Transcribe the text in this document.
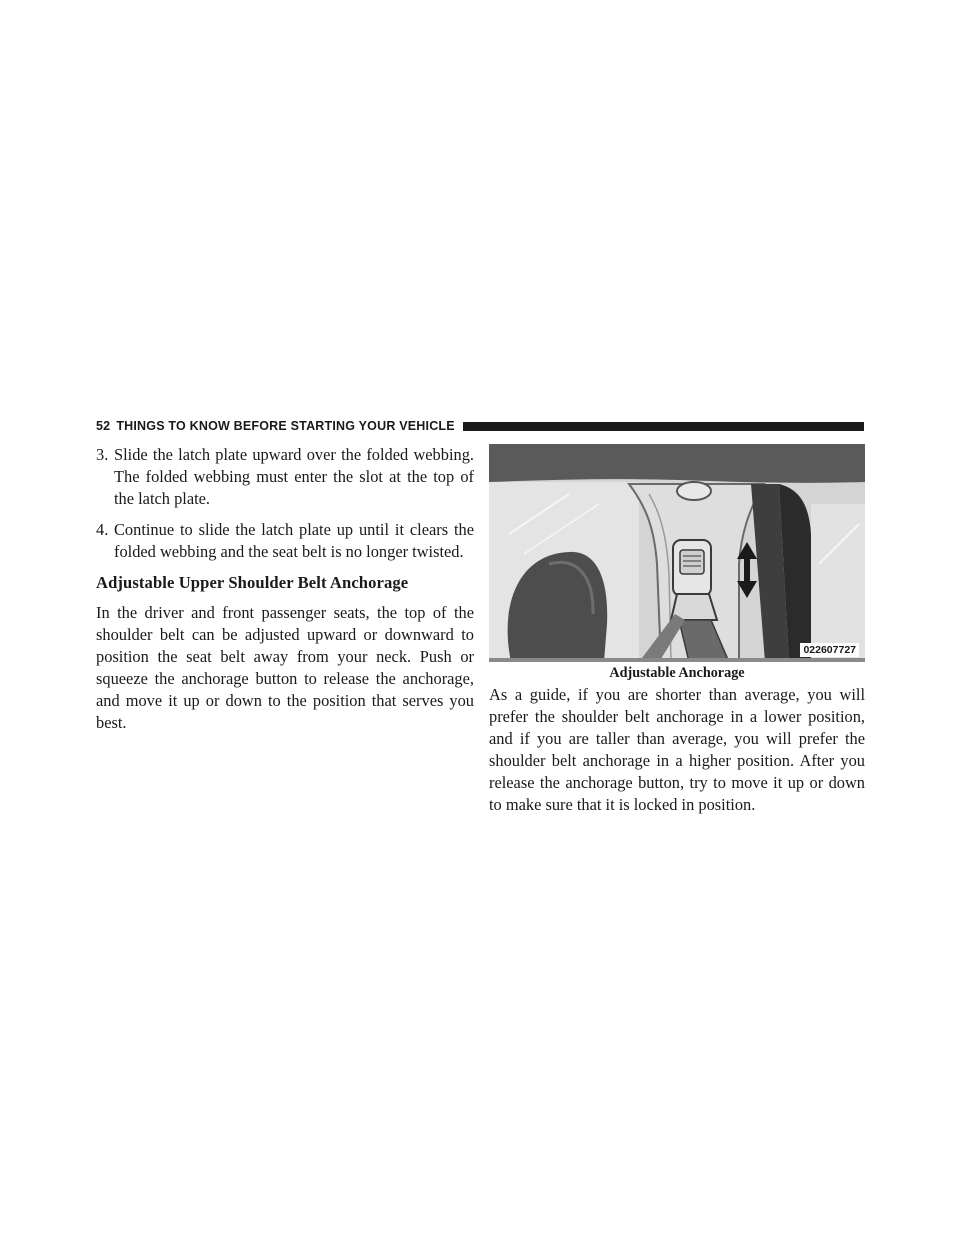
52 THINGS TO KNOW BEFORE STARTING YOUR VEHICLE
3. Slide the latch plate upward over the folded webbing. The folded webbing must enter the slot at the top of the latch plate.
4. Continue to slide the latch plate up until it clears the folded webbing and the seat belt is no longer twisted.
Adjustable Upper Shoulder Belt Anchorage

In the driver and front passenger seats, the top of the shoulder belt can be adjusted upward or downward to position the seat belt away from your neck. Push or squeeze the anchorage button to release the anchorage, and move it up or down to the position that serves you best.

022607727
Adjustable Anchorage

As a guide, if you are shorter than average, you will prefer the shoulder belt anchorage in a lower position, and if you are taller than average, you will prefer the shoulder belt anchorage in a higher position. After you release the anchorage button, try to move it up or down to make sure that it is locked in position.
